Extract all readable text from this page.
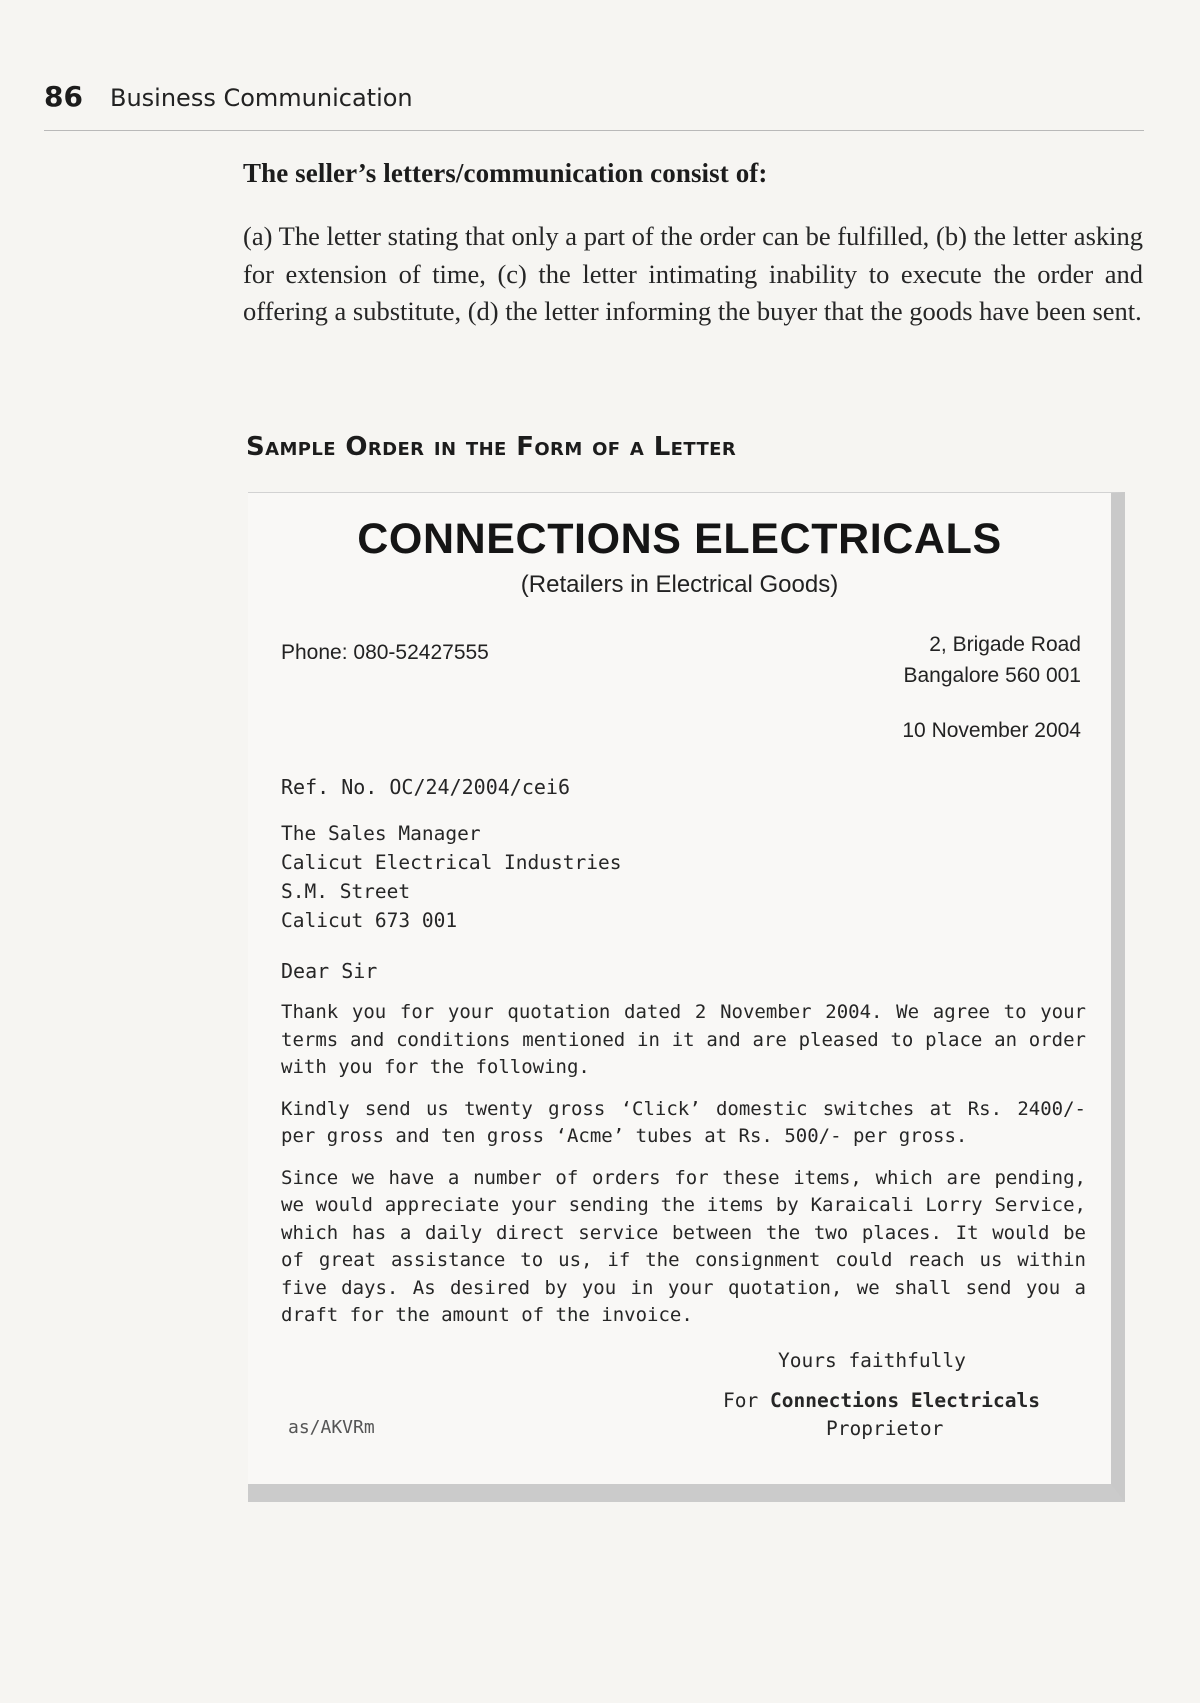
86 Business Communication
The seller’s letters/communication consist of:
(a) The letter stating that only a part of the order can be fulfilled, (b) the letter asking for extension of time, (c) the letter intimating inability to execute the order and offering a substitute, (d) the letter informing the buyer that the goods have been sent.
Sample Order in the Form of a Letter
CONNECTIONS ELECTRICALS
(Retailers in Electrical Goods)
Phone: 080-52427555	2, Brigade Road
Bangalore 560 001
10 November 2004
Ref. No. OC/24/2004/cei6
The Sales Manager
Calicut Electrical Industries
S.M. Street
Calicut 673 001
Dear Sir

Thank you for your quotation dated 2 November 2004. We agree to your terms and conditions mentioned in it and are pleased to place an order with you for the following.

Kindly send us twenty gross ‘Click’ domestic switches at Rs. 2400/- per gross and ten gross ‘Acme’ tubes at Rs. 500/- per gross.

Since we have a number of orders for these items, which are pending, we would appreciate your sending the items by Karaicali Lorry Service, which has a daily direct service between the two places. It would be of great assistance to us, if the consignment could reach us within five days. As desired by you in your quotation, we shall send you a draft for the amount of the invoice.

Yours faithfully
For Connections Electricals
Proprietor
as/AKVRm
